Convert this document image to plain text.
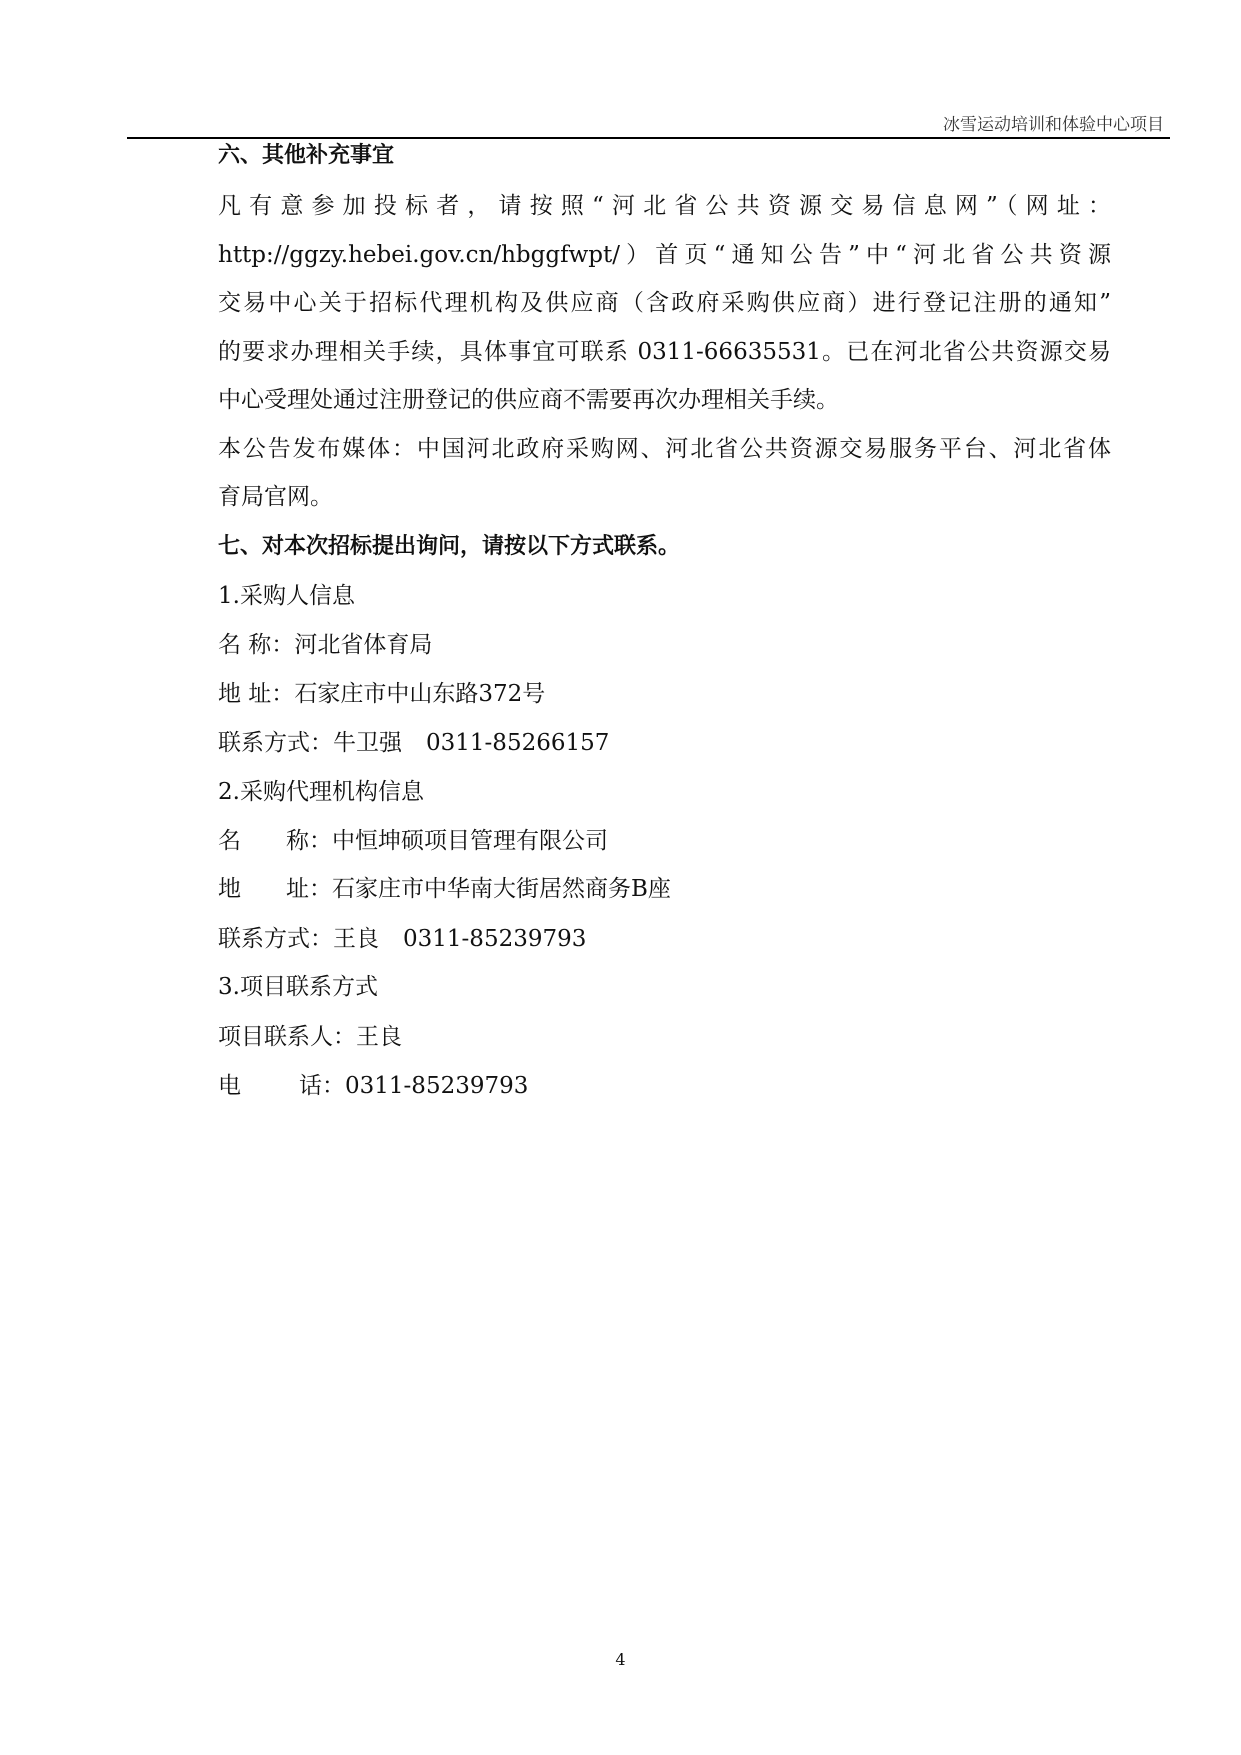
冰雪运动培训和体验中心项目
六、其他补充事宜
凡有意参加投标者，请按照“河北省公共资源交易信息网”（网址：
http://ggzy.hebei.gov.cn/hbggfwpt/）首页“通知公告”中“河北省公共资源
交易中心关于招标代理机构及供应商（含政府采购供应商）进行登记注册的通知”
的要求办理相关手续，具体事宜可联系 0311-66635531。已在河北省公共资源交易
中心受理处通过注册登记的供应商不需要再次办理相关手续。
本公告发布媒体：中国河北政府采购网、河北省公共资源交易服务平台、河北省体
育局官网。
七、对本次招标提出询问，请按以下方式联系。
1.采购人信息
名 称：河北省体育局
地 址：石家庄市中山东路372号
联系方式：牛卫强 0311-85266157
2.采购代理机构信息
名 称：中恒坤硕项目管理有限公司
地 址：石家庄市中华南大街居然商务B座
联系方式：王良 0311-85239793
3.项目联系方式
项目联系人：王良
电	话：0311-85239793
4
